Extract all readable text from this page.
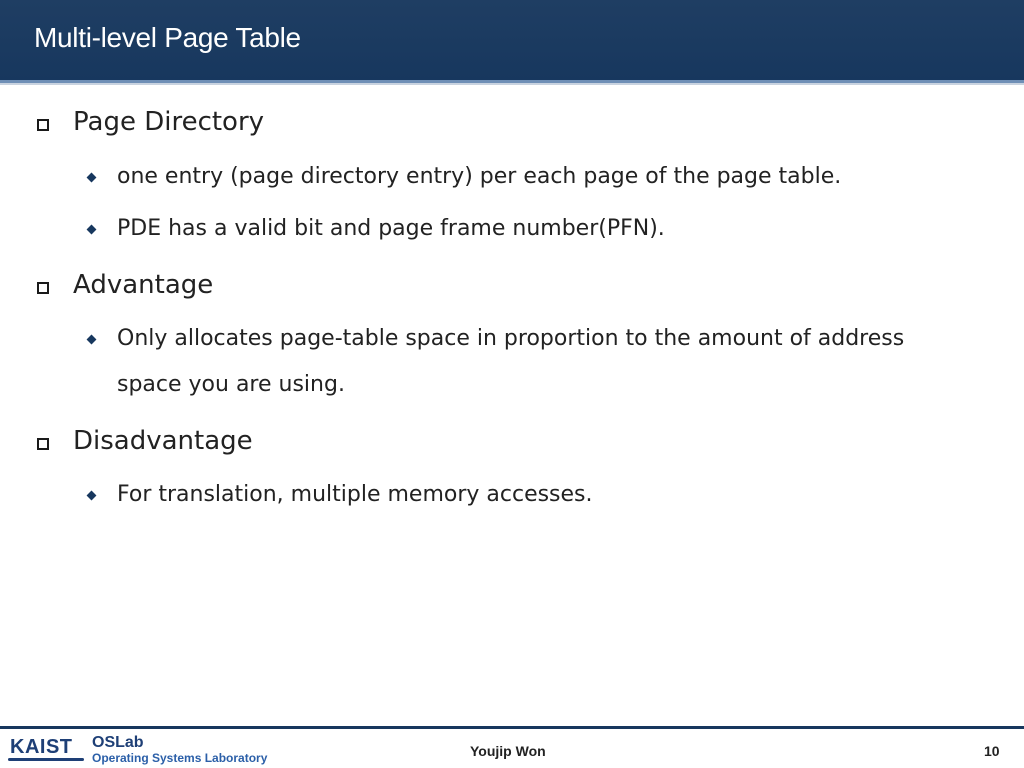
Multi-level Page Table
Page Directory
one entry (page directory entry) per each page of the page table.
PDE has a valid bit and page frame number(PFN).
Advantage
Only allocates page-table space in proportion to the amount of address
space you are using.
Disadvantage
For translation, multiple memory accesses.
KAIST OSLab
Operating Systems Laboratory	Youjip Won	10
